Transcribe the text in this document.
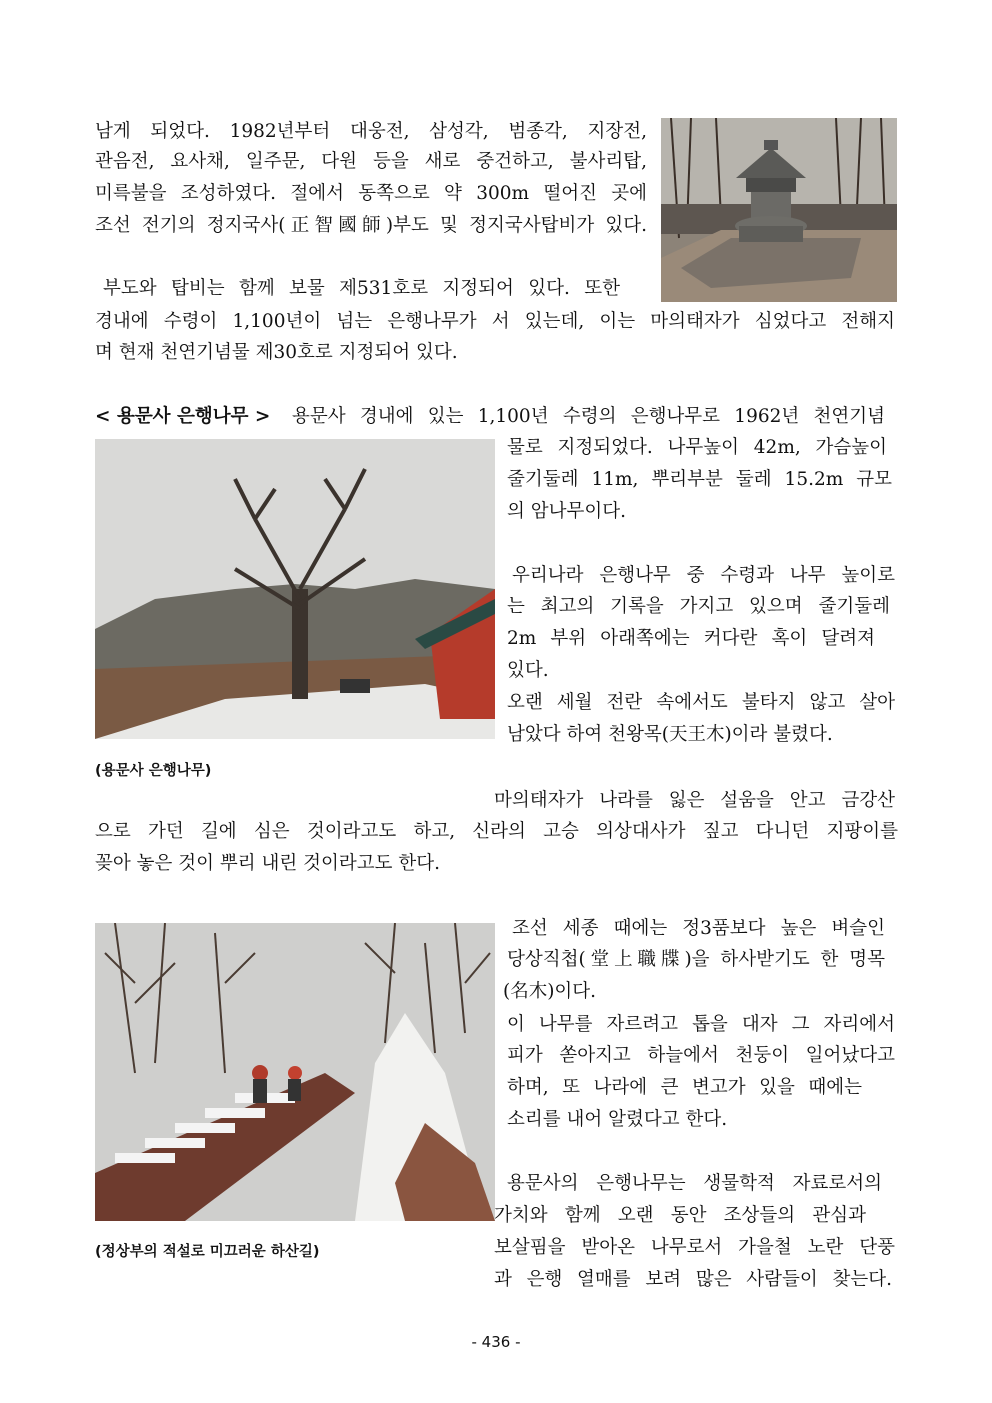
남게 되었다. 1982년부터 대웅전, 삼성각, 범종각, 지장전,
관음전, 요사채, 일주문, 다원 등을 새로 중건하고, 불사리탑,
미륵불을 조성하였다. 절에서 동쪽으로 약 300m 떨어진 곳에
조선 전기의 정지국사(正智國師)부도 및 정지국사탑비가 있다.
부도와 탑비는 함께 보물 제531호로 지정되어 있다. 또한
경내에 수령이 1,100년이 넘는 은행나무가 서 있는데, 이는 마의태자가 심었다고 전해지
며 현재 천연기념물 제30호로 지정되어 있다.
< 용문사 은행나무 >	용문사 경내에 있는 1,100년 수령의 은행나무로 1962년 천연기념
물로 지정되었다. 나무높이 42m, 가슴높이
줄기둘레 11m, 뿌리부분 둘레 15.2m 규모
의 암나무이다.
우리나라 은행나무 중 수령과 나무 높이로
는 최고의 기록을 가지고 있으며 줄기둘레
2m 부위 아래쪽에는 커다란 혹이 달려져
있다.
오랜 세월 전란 속에서도 불타지 않고 살아
남았다 하여 천왕목(天王木)이라 불렸다.
(용문사 은행나무)
마의태자가 나라를 잃은 설움을 안고 금강산
으로 가던 길에 심은 것이라고도 하고, 신라의 고승 의상대사가 짚고 다니던 지팡이를
꽂아 놓은 것이 뿌리 내린 것이라고도 한다.
조선 세종 때에는 정3품보다 높은 벼슬인
당상직첩(堂上職牒)을 하사받기도 한 명목
(名木)이다.
이 나무를 자르려고 톱을 대자 그 자리에서
피가 쏟아지고 하늘에서 천둥이 일어났다고
하며, 또 나라에 큰 변고가 있을 때에는
소리를 내어 알렸다고 한다.
용문사의 은행나무는 생물학적 자료로서의
가치와 함께 오랜 동안 조상들의 관심과
(정상부의 적설로 미끄러운 하산길)	보살핌을 받아온 나무로서 가을철 노란 단풍
과 은행 열매를 보려 많은 사람들이 찾는다.
- 436 -
